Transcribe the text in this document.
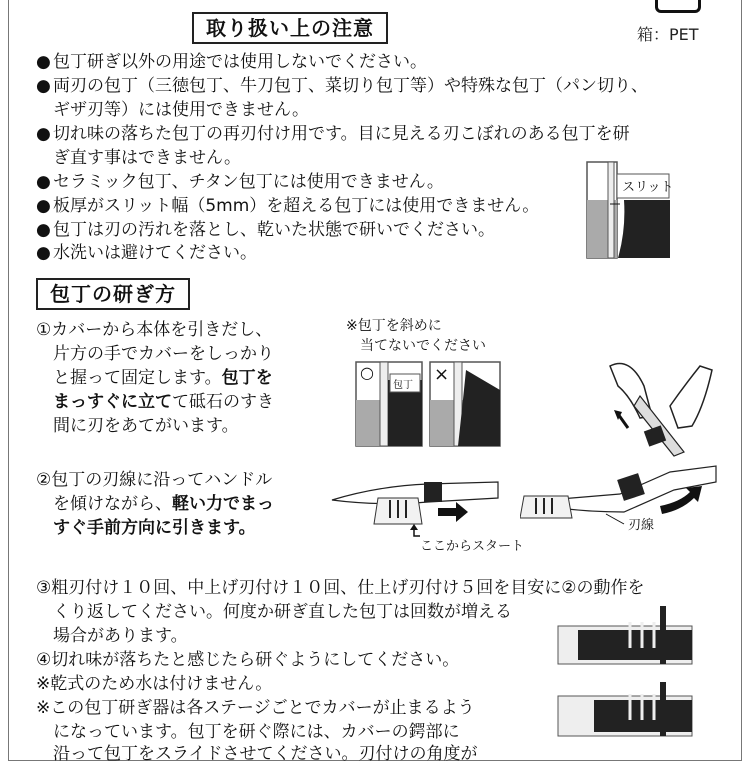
箱：PET
取り扱い上の注意
● 包丁研ぎ以外の用途では使用しないでください。
● 両刃の包丁（三徳包丁、牛刀包丁、菜切り包丁等）や特殊な包丁（パン切り、
ギザ刃等）には使用できません。
● 切れ味の落ちた包丁の再刃付け用です。目に見える刃こぼれのある包丁を研
ぎ直す事はできません。
● セラミック包丁、チタン包丁には使用できません。
● 板厚がスリット幅（5mm）を超える包丁には使用できません。
● 包丁は刃の汚れを落とし、乾いた状態で研いでください。
● 水洗いは避けてください。
スリット
包丁の研ぎ方
①カバーから本体を引きだし、
片方の手でカバーをしっかり
と握って固定します。包丁を
まっすぐに立てて砥石のすき
間に刃をあてがいます。
※包丁を斜めに
当てないでください
包丁
○	×
②包丁の刃線に沿ってハンドル
を傾けながら、軽い力でまっ
すぐ手前方向に引きます。
ここからスタート
刃線
③粗刃付け１０回、中上げ刃付け１０回、仕上げ刃付け５回を目安に②の動作を
くり返してください。何度か研ぎ直した包丁は回数が増える
場合があります。
④切れ味が落ちたと感じたら研ぐようにしてください。
※乾式のため水は付けません。
※この包丁研ぎ器は各ステージごとでカバーが止まるよう
になっています。包丁を研ぐ際には、カバーの鍔部に
沿って包丁をスライドさせてください。刃付けの角度が
